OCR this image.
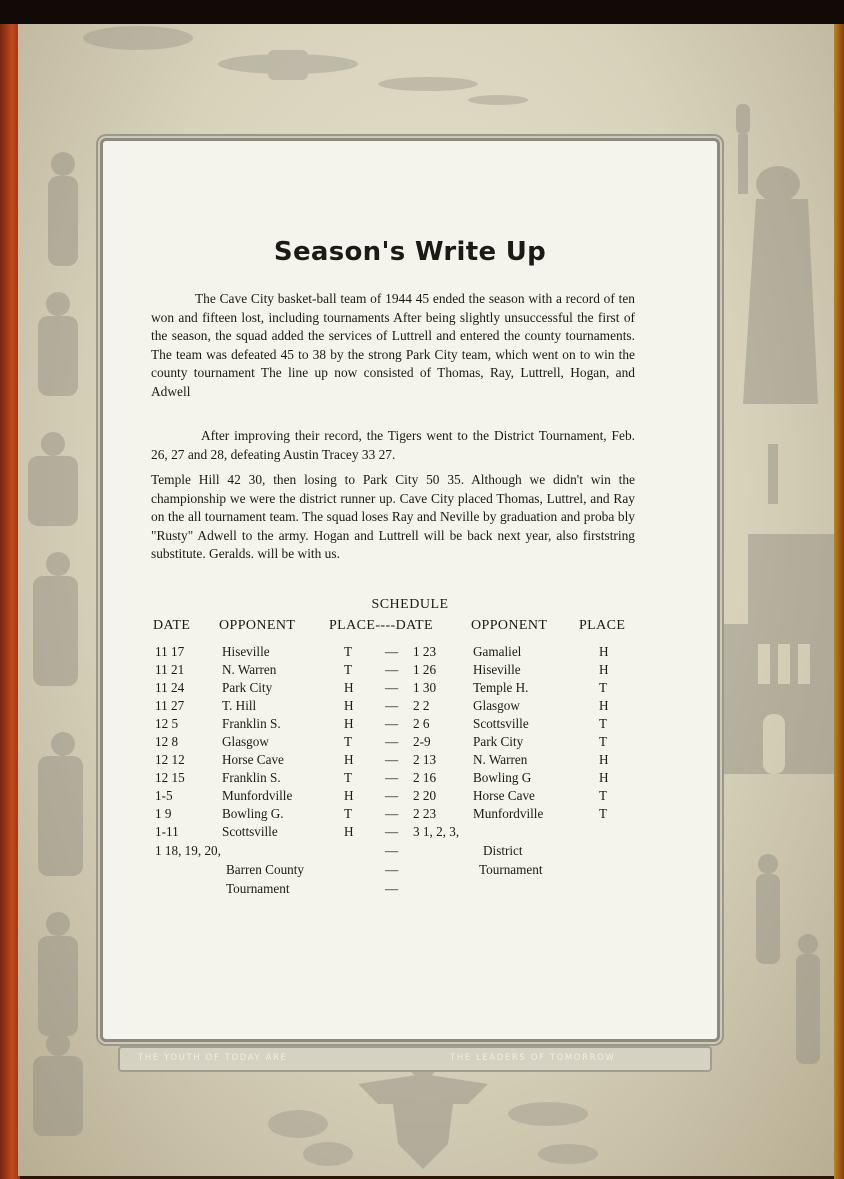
Season's Write Up

The Cave City basket-ball team of 1944 45 ended the season with a record of ten won and fifteen lost, including tournaments After being slightly unsuccessful the first of the season, the squad added the services of Luttrell and entered the county tournaments. The team was defeated 45 to 38 by the strong Park City team, which went on to win the county tournament The line up now consisted of Thomas, Ray, Luttrell, Hogan, and Adwell

After improving their record, the Tigers went to the District Tournament, Feb. 26, 27 and 28, defeating Austin Tracey 33 27.

Temple Hill 42 30, then losing to Park City 50 35. Although we didn't win the championship we were the district runner up. Cave City placed Thomas, Luttrel, and Ray on the all tournament team. The squad loses Ray and Neville by graduation and proba bly "Rusty" Adwell to the army. Hogan and Luttrell will be back next year, also firststring substitute. Geralds. will be with us.

SCHEDULE
DATE OPPONENT PLACE----DATE	OPPONENT PLACE
11 17	Hiseville	T — 1 23	Gamaliel	H
11 21	N. Warren	T — 1 26	Hiseville	H
11 24	Park City	H — 1 30	Temple H.	T
11 27	T. Hill	H — 2 2	Glasgow	H
12 5	Franklin S.	H — 2 6	Scottsville	T
12 8	Glasgow	T — 2-9	Park City	T
12 12	Horse Cave	H — 2 13	N. Warren	H
12 15	Franklin S.	T — 2 16	Bowling G	H
1-5	Munfordville	H — 2 20	Horse Cave	T
1 9	Bowling G.	T — 2 23	Munfordville	T
1-11	Scottsville	H — 3 1, 2, 3,
1 18, 19, 20,	—	District
Barren County	—	Tournament
Tournament	—
THE YOUTH OF TODAY ARE	THE LEADERS OF TOMORROW
